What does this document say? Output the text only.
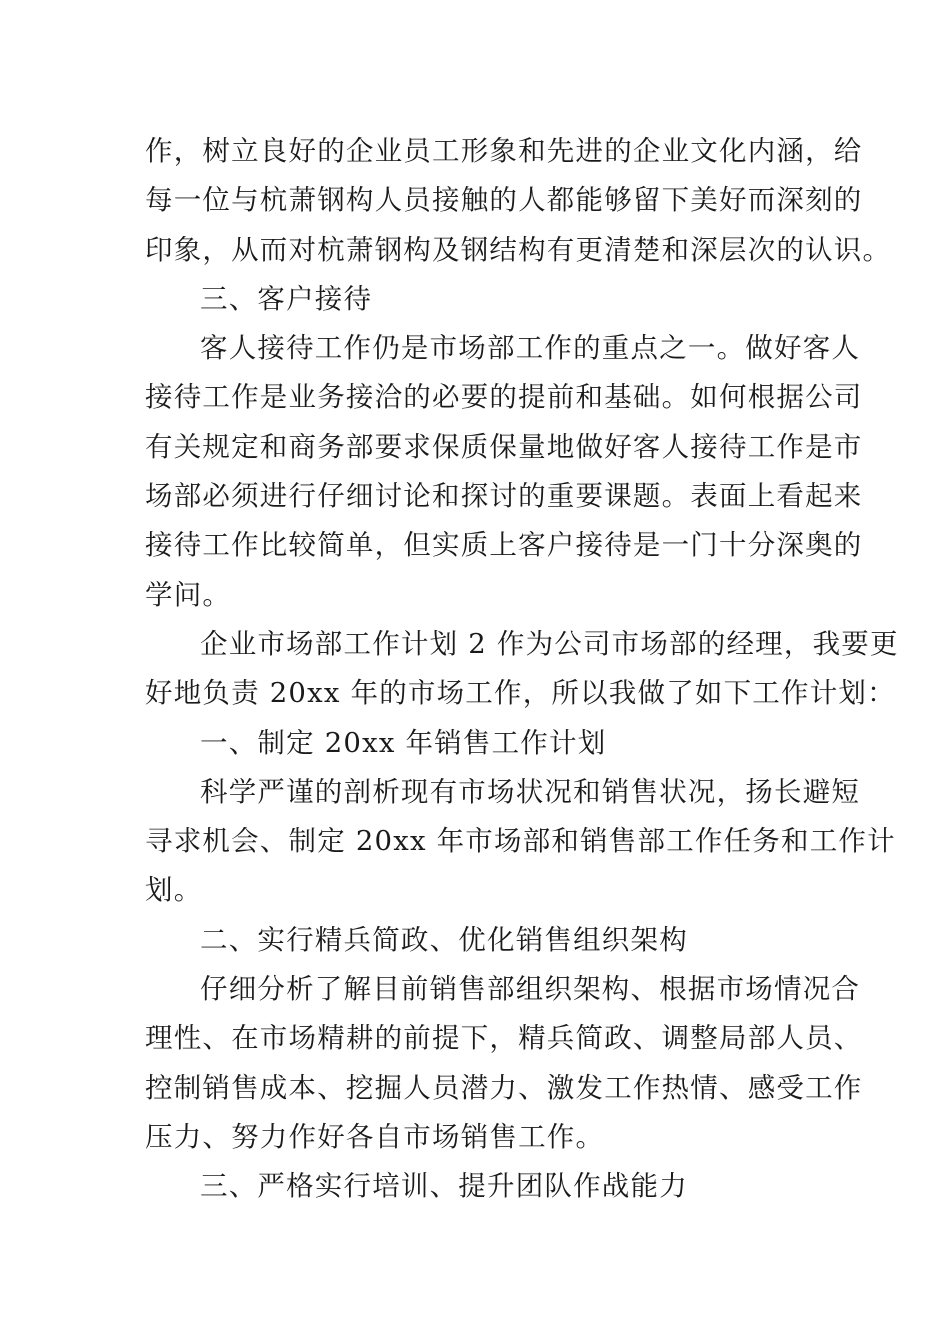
作，树立良好的企业员工形象和先进的企业文化内涵，给
每一位与杭萧钢构人员接触的人都能够留下美好而深刻的
印象，从而对杭萧钢构及钢结构有更清楚和深层次的认识。
三、客户接待
客人接待工作仍是市场部工作的重点之一。做好客人
接待工作是业务接洽的必要的提前和基础。如何根据公司
有关规定和商务部要求保质保量地做好客人接待工作是市
场部必须进行仔细讨论和探讨的重要课题。表面上看起来
接待工作比较简单，但实质上客户接待是一门十分深奥的
学问。
企业市场部工作计划 2 作为公司市场部的经理，我要更
好地负责 20xx 年的市场工作，所以我做了如下工作计划：
一、制定 20xx 年销售工作计划
科学严谨的剖析现有市场状况和销售状况，扬长避短
寻求机会、制定 20xx 年市场部和销售部工作任务和工作计
划。
二、实行精兵简政、优化销售组织架构
仔细分析了解目前销售部组织架构、根据市场情况合
理性、在市场精耕的前提下，精兵简政、调整局部人员、
控制销售成本、挖掘人员潜力、激发工作热情、感受工作
压力、努力作好各自市场销售工作。
三、严格实行培训、提升团队作战能力
